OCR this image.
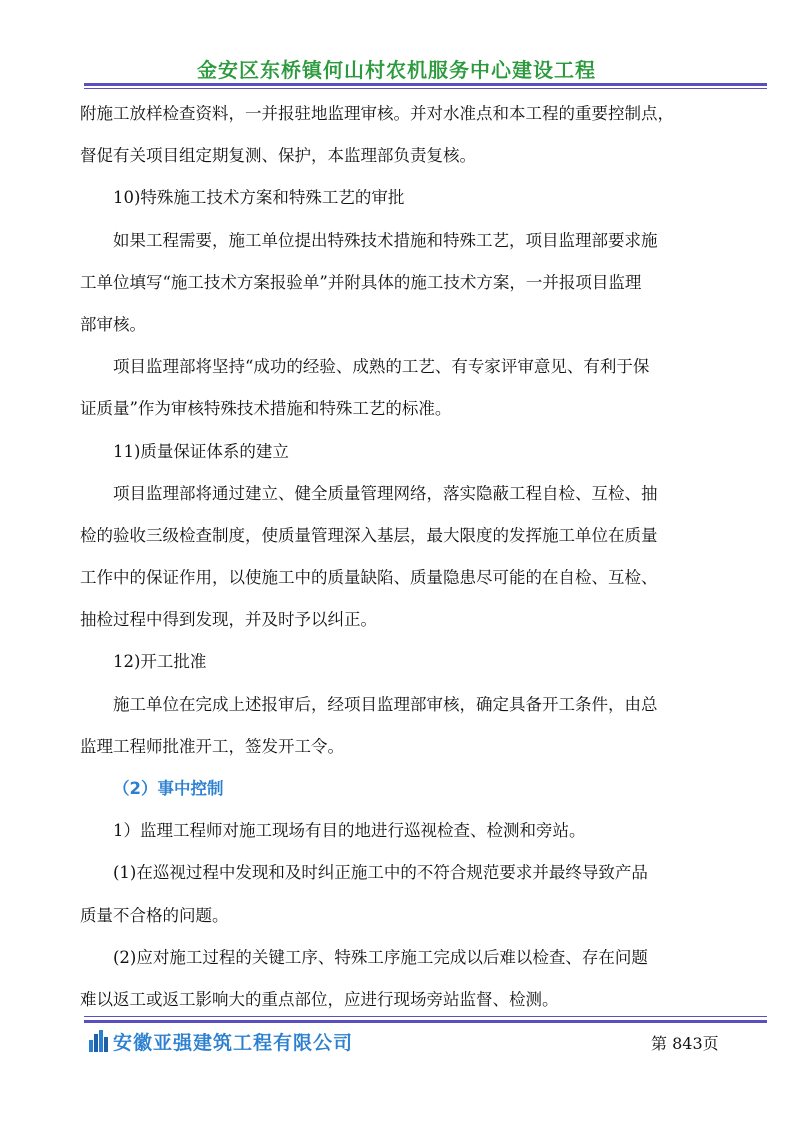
金安区东桥镇何山村农机服务中心建设工程
附施工放样检查资料，一并报驻地监理审核。并对水准点和本工程的重要控制点，
督促有关项目组定期复测、保护，本监理部负责复核。
10)特殊施工技术方案和特殊工艺的审批
如果工程需要，施工单位提出特殊技术措施和特殊工艺，项目监理部要求施
工单位填写“施工技术方案报验单”并附具体的施工技术方案，一并报项目监理
部审核。
项目监理部将坚持“成功的经验、成熟的工艺、有专家评审意见、有利于保
证质量”作为审核特殊技术措施和特殊工艺的标准。
11)质量保证体系的建立
项目监理部将通过建立、健全质量管理网络，落实隐蔽工程自检、互检、抽
检的验收三级检查制度，使质量管理深入基层，最大限度的发挥施工单位在质量
工作中的保证作用，以使施工中的质量缺陷、质量隐患尽可能的在自检、互检、
抽检过程中得到发现，并及时予以纠正。
12)开工批准
施工单位在完成上述报审后，经项目监理部审核，确定具备开工条件，由总
监理工程师批准开工，签发开工令。
（2）事中控制
1）监理工程师对施工现场有目的地进行巡视检查、检测和旁站。
(1)在巡视过程中发现和及时纠正施工中的不符合规范要求并最终导致产品
质量不合格的问题。
(2)应对施工过程的关键工序、特殊工序施工完成以后难以检查、存在问题
难以返工或返工影响大的重点部位，应进行现场旁站监督、检测。
安徽亚强建筑工程有限公司	第 843页
